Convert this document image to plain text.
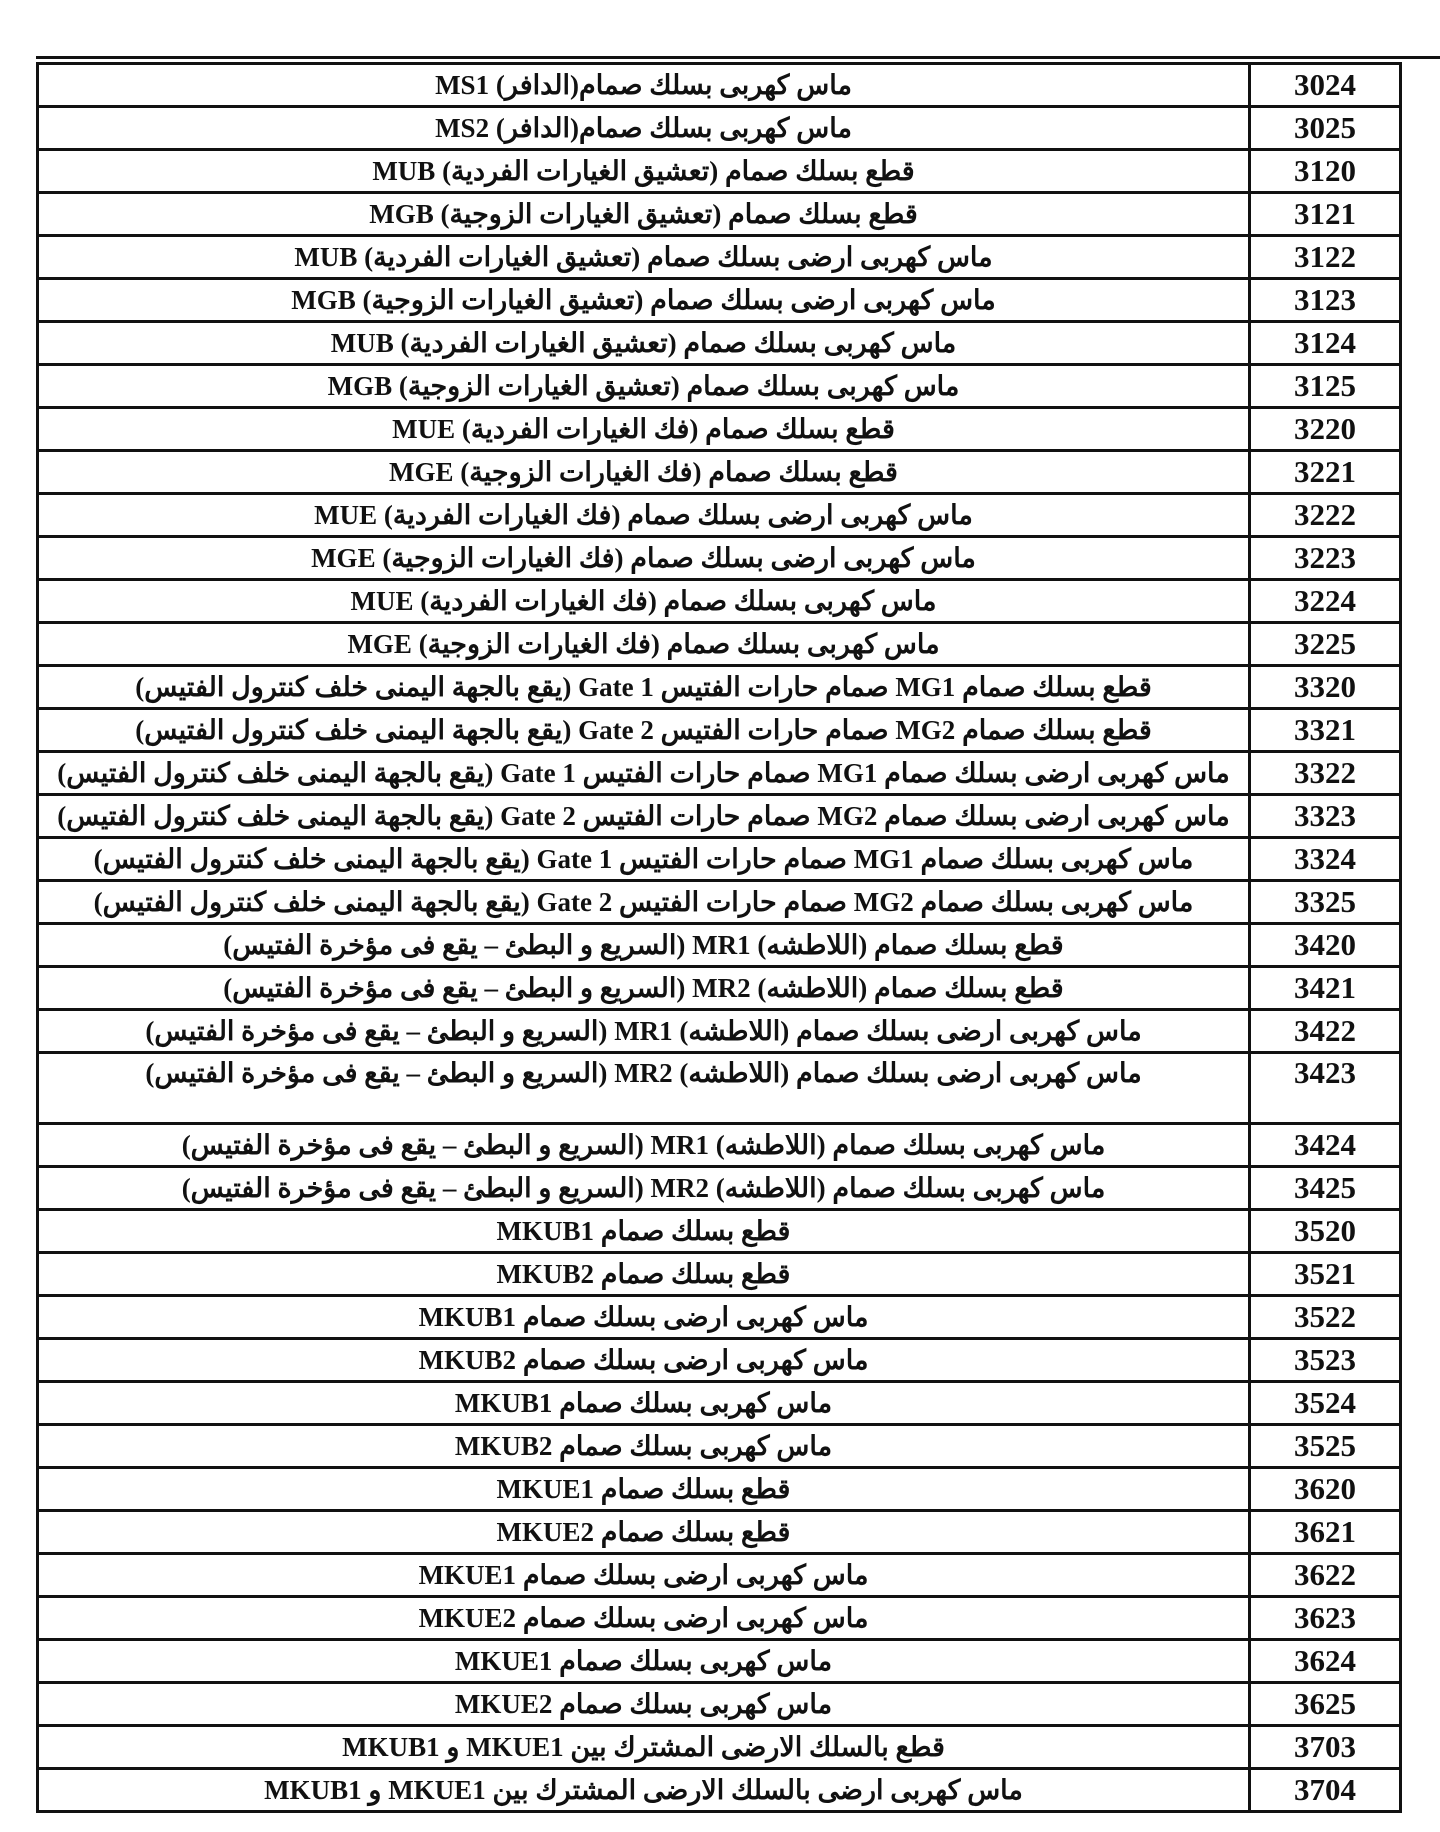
ماس كهربى بسلك صمام(الدافر) MS1	3024
ماس كهربى بسلك صمام(الدافر) MS2	3025
قطع بسلك صمام (تعشيق الغيارات الفردية) MUB	3120
قطع بسلك صمام (تعشيق الغيارات الزوجية) MGB	3121
ماس كهربى ارضى بسلك صمام (تعشيق الغيارات الفردية) MUB	3122
ماس كهربى ارضى بسلك صمام (تعشيق الغيارات الزوجية) MGB	3123
ماس كهربى بسلك صمام (تعشيق الغيارات الفردية) MUB	3124
ماس كهربى بسلك صمام (تعشيق الغيارات الزوجية) MGB	3125
قطع بسلك صمام (فك الغيارات الفردية) MUE	3220
قطع بسلك صمام (فك الغيارات الزوجية) MGE	3221
ماس كهربى ارضى بسلك صمام (فك الغيارات الفردية) MUE	3222
ماس كهربى ارضى بسلك صمام (فك الغيارات الزوجية) MGE	3223
ماس كهربى بسلك صمام (فك الغيارات الفردية) MUE	3224
ماس كهربى بسلك صمام (فك الغيارات الزوجية) MGE	3225
قطع بسلك صمام MG1 صمام حارات الفتيس Gate 1 (يقع بالجهة اليمنى خلف كنترول الفتيس)	3320
قطع بسلك صمام MG2 صمام حارات الفتيس Gate 2 (يقع بالجهة اليمنى خلف كنترول الفتيس)	3321
ماس كهربى ارضى بسلك صمام MG1 صمام حارات الفتيس Gate 1 (يقع بالجهة اليمنى خلف كنترول الفتيس)	3322
ماس كهربى ارضى بسلك صمام MG2 صمام حارات الفتيس Gate 2 (يقع بالجهة اليمنى خلف كنترول الفتيس)	3323
ماس كهربى بسلك صمام MG1 صمام حارات الفتيس Gate 1 (يقع بالجهة اليمنى خلف كنترول الفتيس)	3324
ماس كهربى بسلك صمام MG2 صمام حارات الفتيس Gate 2 (يقع بالجهة اليمنى خلف كنترول الفتيس)	3325
قطع بسلك صمام (اللاطشه) MR1 (السريع و البطئ – يقع فى مؤخرة الفتيس)	3420
قطع بسلك صمام (اللاطشه) MR2 (السريع و البطئ – يقع فى مؤخرة الفتيس)	3421
ماس كهربى ارضى بسلك صمام (اللاطشه) MR1 (السريع و البطئ – يقع فى مؤخرة الفتيس)	3422
ماس كهربى ارضى بسلك صمام (اللاطشه) MR2 (السريع و البطئ – يقع فى مؤخرة الفتيس)	3423
ماس كهربى بسلك صمام (اللاطشه) MR1 (السريع و البطئ – يقع فى مؤخرة الفتيس)	3424
ماس كهربى بسلك صمام (اللاطشه) MR2 (السريع و البطئ – يقع فى مؤخرة الفتيس)	3425
قطع بسلك صمام MKUB1	3520
قطع بسلك صمام MKUB2	3521
ماس كهربى ارضى بسلك صمام MKUB1	3522
ماس كهربى ارضى بسلك صمام MKUB2	3523
ماس كهربى بسلك صمام MKUB1	3524
ماس كهربى بسلك صمام MKUB2	3525
قطع بسلك صمام MKUE1	3620
قطع بسلك صمام MKUE2	3621
ماس كهربى ارضى بسلك صمام MKUE1	3622
ماس كهربى ارضى بسلك صمام MKUE2	3623
ماس كهربى بسلك صمام MKUE1	3624
ماس كهربى بسلك صمام MKUE2	3625
قطع بالسلك الارضى المشترك بين MKUE1 و MKUB1	3703
ماس كهربى ارضى بالسلك الارضى المشترك بين MKUE1 و MKUB1	3704
